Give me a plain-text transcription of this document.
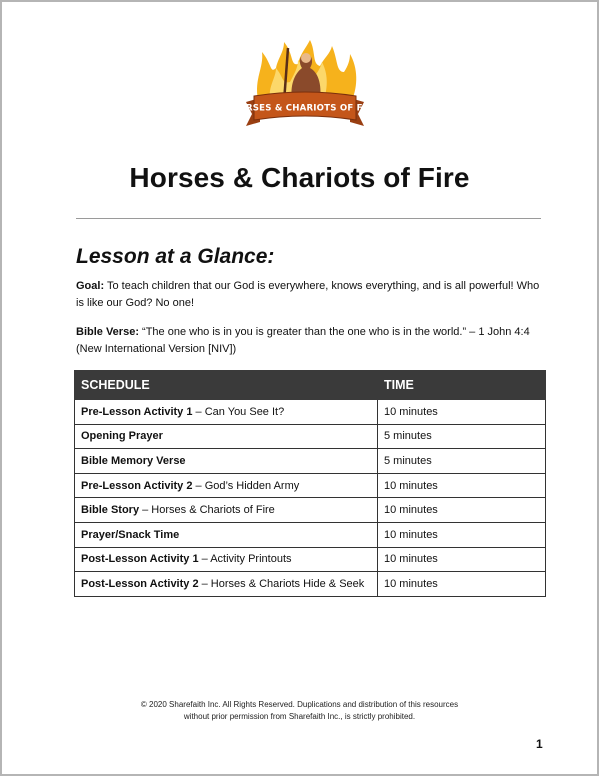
HORSES & CHARIOTS OF FIRE
Horses & Chariots of Fire
Lesson at a Glance:
Goal: To teach children that our God is everywhere, knows everything, and is all powerful! Who is like our God? No one!
Bible Verse: “The one who is in you is greater than the one who is in the world.” – 1 John 4:4 (New International Version [NIV])
SCHEDULE	TIME
Pre-Lesson Activity 1 – Can You See It?	10 minutes
Opening Prayer	5 minutes
Bible Memory Verse	5 minutes
Pre-Lesson Activity 2 – God’s Hidden Army	10 minutes
Bible Story – Horses & Chariots of Fire	10 minutes
Prayer/Snack Time	10 minutes
Post-Lesson Activity 1 – Activity Printouts	10 minutes
Post-Lesson Activity 2 – Horses & Chariots Hide & Seek	10 minutes
© 2020 Sharefaith Inc. All Rights Reserved. Duplications and distribution of this resources
without prior permission from Sharefaith Inc., is strictly prohibited.
1
